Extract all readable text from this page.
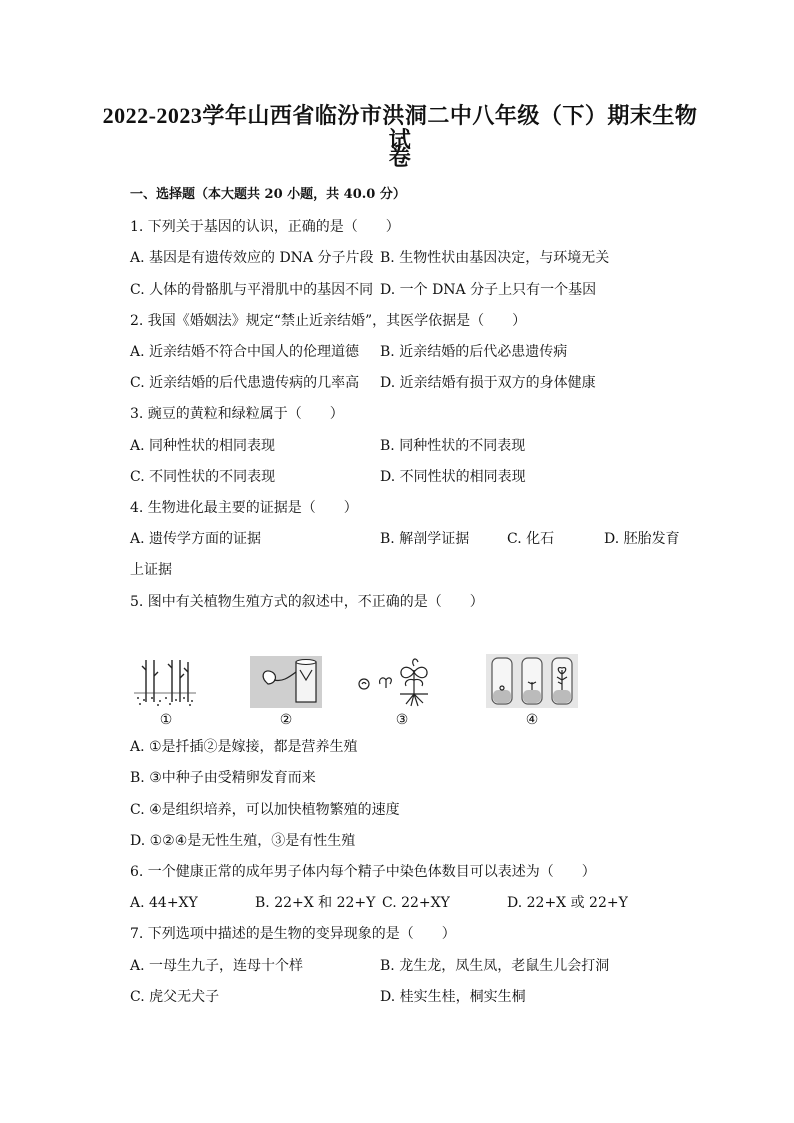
2022-2023学年山西省临汾市洪洞二中八年级（下）期末生物试
卷
一、选择题（本大题共 20 小题，共 40.0 分）
1. 下列关于基因的认识，正确的是（　　）
A. 基因是有遗传效应的 DNA 分子片段 B. 生物性状由基因决定，与环境无关
C. 人体的骨骼肌与平滑肌中的基因不同 D. 一个 DNA 分子上只有一个基因
2. 我国《婚姻法》规定“禁止近亲结婚”，其医学依据是（　　）
A. 近亲结婚不符合中国人的伦理道德 B. 近亲结婚的后代必患遗传病
C. 近亲结婚的后代患遗传病的几率高 D. 近亲结婚有损于双方的身体健康
3. 豌豆的黄粒和绿粒属于（　　）
A. 同种性状的相同表现	B. 同种性状的不同表现
C. 不同性状的不同表现	D. 不同性状的相同表现
4. 生物进化最主要的证据是（　　）
A. 遗传学方面的证据	B. 解剖学证据	C. 化石	D. 胚胎发育
上证据
5. 图中有关植物生殖方式的叙述中，不正确的是（　　）
①	②	③	④
A. ①是扦插②是嫁接，都是营养生殖
B. ③中种子由受精卵发育而来
C. ④是组织培养，可以加快植物繁殖的速度
D. ①②④是无性生殖，③是有性生殖
6. 一个健康正常的成年男子体内每个精子中染色体数目可以表述为（　　）
A. 44+XY	B. 22+X 和 22+Y C. 22+XY	D. 22+X 或 22+Y
7. 下列选项中描述的是生物的变异现象的是（　　）
A. 一母生九子，连母十个样	B. 龙生龙，凤生凤，老鼠生儿会打洞
C. 虎父无犬子	D. 桂实生桂，桐实生桐
